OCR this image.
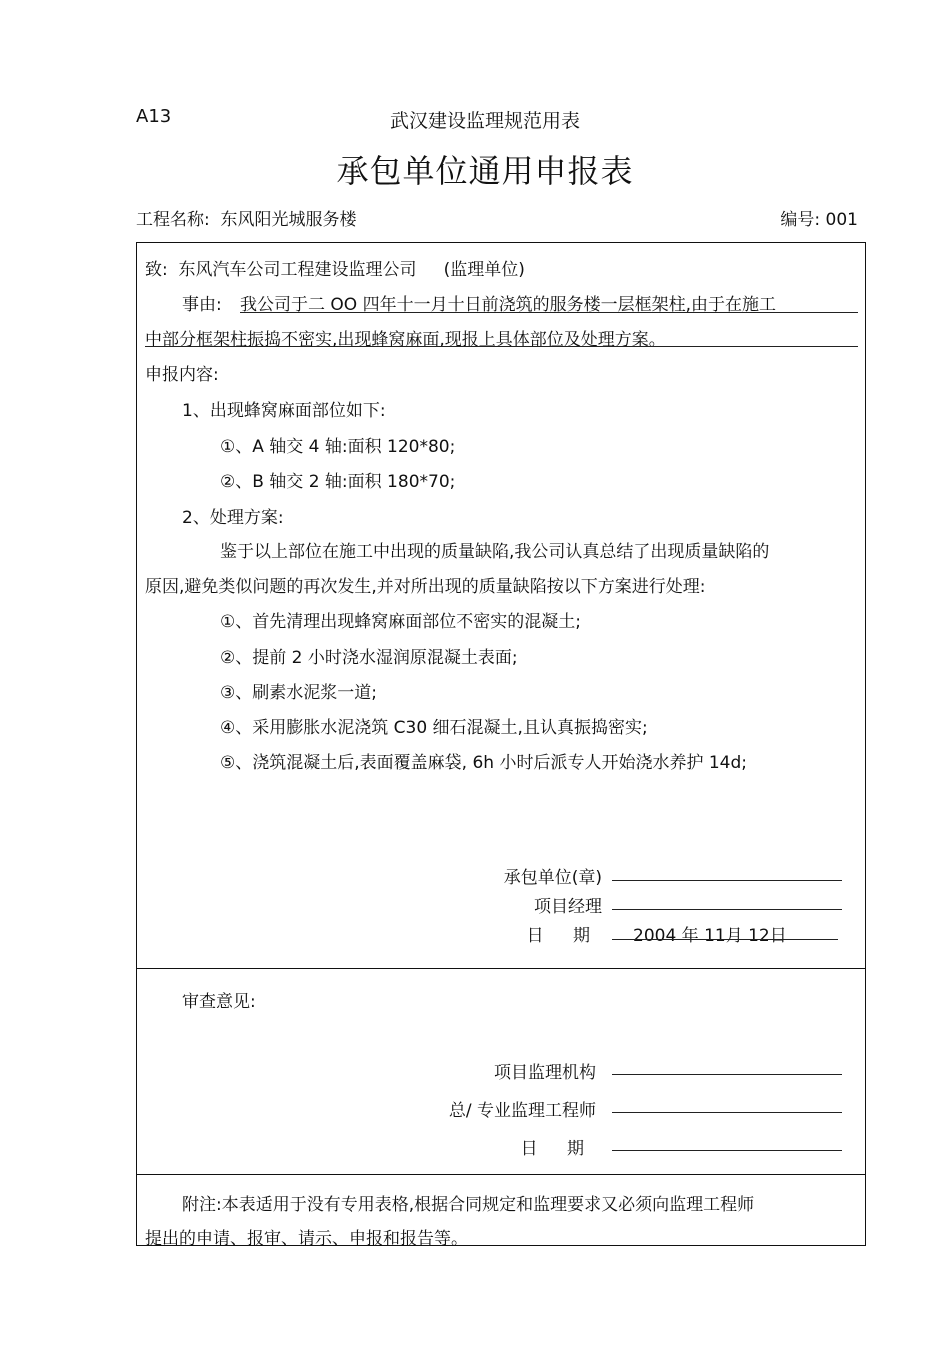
A13	武汉建设监理规范用表
承包单位通用申报表
工程名称: 东风阳光城服务楼	编号: 001
致: 东风汽车公司工程建设监理公司 (监理单位)
事由: 我公司于二 OO 四年十一月十日前浇筑的服务楼一层框架柱,由于在施工
中部分框架柱振捣不密实,出现蜂窝麻面,现报上具体部位及处理方案。
申报内容:
1、出现蜂窝麻面部位如下:
①、A 轴交 4 轴:面积 120*80;
②、B 轴交 2 轴:面积 180*70;
2、处理方案:
鉴于以上部位在施工中出现的质量缺陷,我公司认真总结了出现质量缺陷的
原因,避免类似问题的再次发生,并对所出现的质量缺陷按以下方案进行处理:
①、首先清理出现蜂窝麻面部位不密实的混凝土;
②、提前 2 小时浇水湿润原混凝土表面;
③、刷素水泥浆一道;
④、采用膨胀水泥浇筑 C30 细石混凝土,且认真振捣密实;
⑤、浇筑混凝土后,表面覆盖麻袋, 6h 小时后派专人开始浇水养护 14d;
承包单位(章)
项目经理
日 期 2004 年 11月 12日
审查意见:
项目监理机构
总/ 专业监理工程师
日 期
附注:本表适用于没有专用表格,根据合同规定和监理要求又必须向监理工程师
提出的申请、报审、请示、申报和报告等。
